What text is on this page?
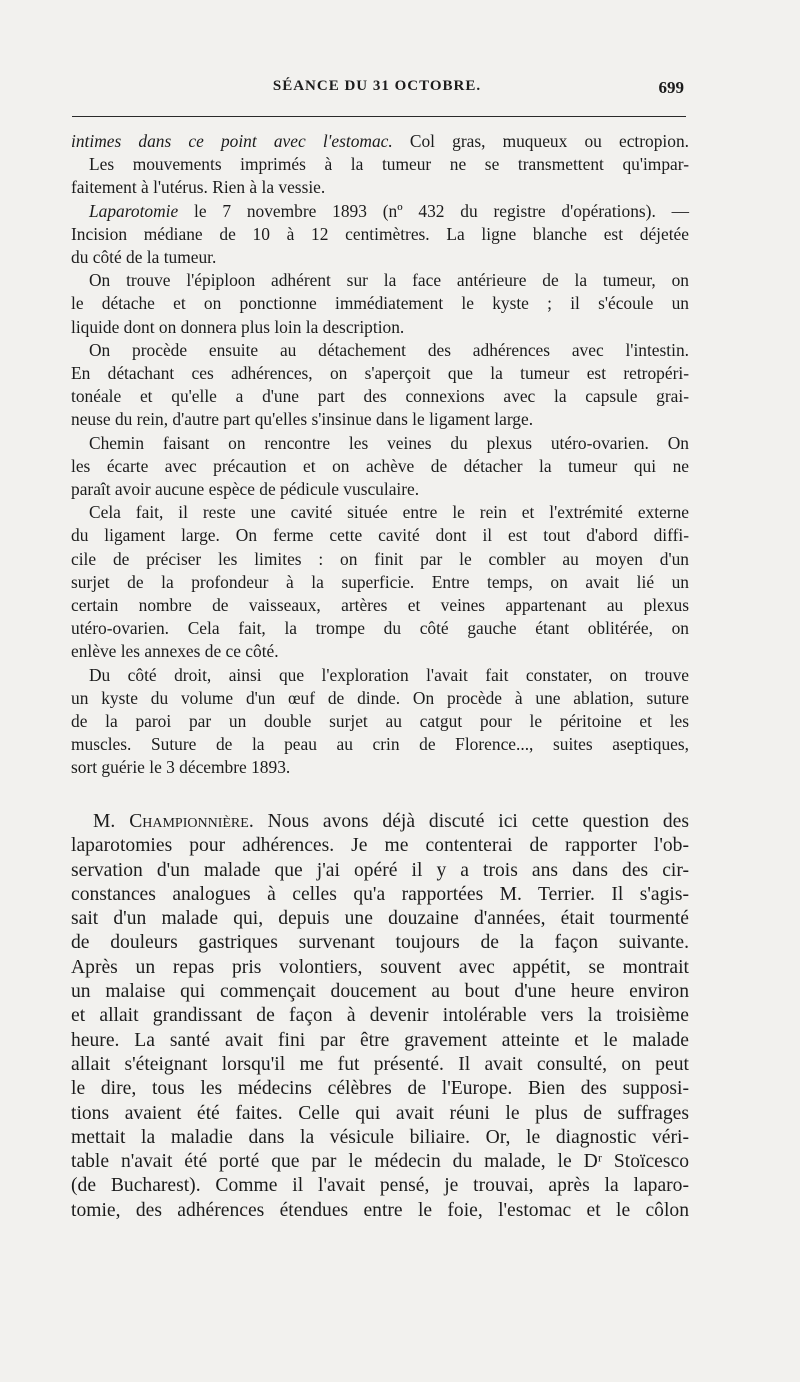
SÉANCE DU 31 OCTOBRE.	699

intimes dans ce point avec l'estomac. Col gras, muqueux ou ectropion.
Les mouvements imprimés à la tumeur ne se transmettent qu'impar-
faitement à l'utérus. Rien à la vessie.

Laparotomie le 7 novembre 1893 (nº 432 du registre d'opérations). —
Incision médiane de 10 à 12 centimètres. La ligne blanche est déjetée
du côté de la tumeur.

On trouve l'épiploon adhérent sur la face antérieure de la tumeur, on
le détache et on ponctionne immédiatement le kyste ; il s'écoule un
liquide dont on donnera plus loin la description.

On procède ensuite au détachement des adhérences avec l'intestin.
En détachant ces adhérences, on s'aperçoit que la tumeur est retropéri-
tonéale et qu'elle a d'une part des connexions avec la capsule grai-
neuse du rein, d'autre part qu'elles s'insinue dans le ligament large.

Chemin faisant on rencontre les veines du plexus utéro-ovarien. On
les écarte avec précaution et on achève de détacher la tumeur qui ne
paraît avoir aucune espèce de pédicule vusculaire.

Cela fait, il reste une cavité située entre le rein et l'extrémité externe
du ligament large. On ferme cette cavité dont il est tout d'abord diffi-
cile de préciser les limites : on finit par le combler au moyen d'un
surjet de la profondeur à la superficie. Entre temps, on avait lié un
certain nombre de vaisseaux, artères et veines appartenant au plexus
utéro-ovarien. Cela fait, la trompe du côté gauche étant oblitérée, on
enlève les annexes de ce côté.

Du côté droit, ainsi que l'exploration l'avait fait constater, on trouve
un kyste du volume d'un œuf de dinde. On procède à une ablation, suture
de la paroi par un double surjet au catgut pour le péritoine et les
muscles. Suture de la peau au crin de Florence..., suites aseptiques,
sort guérie le 3 décembre 1893.

M. Championnière. Nous avons déjà discuté ici cette question des
laparotomies pour adhérences. Je me contenterai de rapporter l'ob-
servation d'un malade que j'ai opéré il y a trois ans dans des cir-
constances analogues à celles qu'a rapportées M. Terrier. Il s'agis-
sait d'un malade qui, depuis une douzaine d'années, était tourmenté
de douleurs gastriques survenant toujours de la façon suivante.
Après un repas pris volontiers, souvent avec appétit, se montrait
un malaise qui commençait doucement au bout d'une heure environ
et allait grandissant de façon à devenir intolérable vers la troisième
heure. La santé avait fini par être gravement atteinte et le malade
allait s'éteignant lorsqu'il me fut présenté. Il avait consulté, on peut
le dire, tous les médecins célèbres de l'Europe. Bien des supposi-
tions avaient été faites. Celle qui avait réuni le plus de suffrages
mettait la maladie dans la vésicule biliaire. Or, le diagnostic véri-
table n'avait été porté que par le médecin du malade, le Dʳ Stoïcesco
(de Bucharest). Comme il l'avait pensé, je trouvai, après la laparo-
tomie, des adhérences étendues entre le foie, l'estomac et le côlon
